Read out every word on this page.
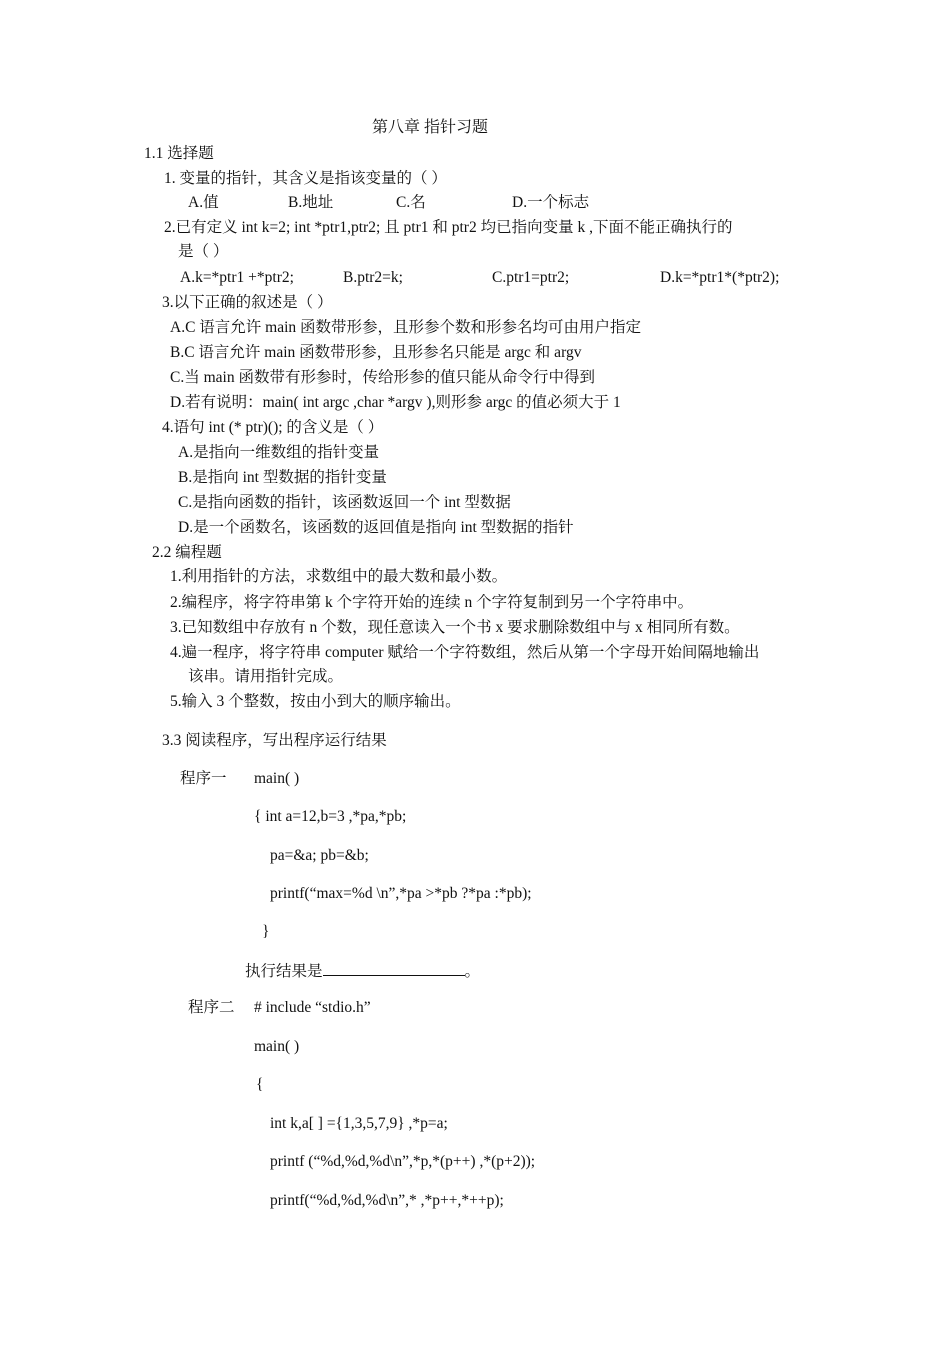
第八章 指针习题
1.1 选择题
1. 变量的指针，其含义是指该变量的（ ）
A.值	B.地址	C.名	D.一个标志
2.已有定义 int k=2; int *ptr1,ptr2; 且 ptr1 和 ptr2 均已指向变量 k ,下面不能正确执行的
是（ ）
A.k=*ptr1 +*ptr2;	B.ptr2=k;	C.ptr1=ptr2;	D.k=*ptr1*(*ptr2);
3.以下正确的叙述是（ ）
A.C 语言允许 main 函数带形参，且形参个数和形参名均可由用户指定
B.C 语言允许 main 函数带形参，且形参名只能是 argc 和 argv
C.当 main 函数带有形参时，传给形参的值只能从命令行中得到
D.若有说明：main( int argc ,char *argv ),则形参 argc 的值必须大于 1
4.语句 int (* ptr)(); 的含义是（ ）
A.是指向一维数组的指针变量
B.是指向 int 型数据的指针变量
C.是指向函数的指针，该函数返回一个 int 型数据
D.是一个函数名，该函数的返回值是指向 int 型数据的指针
2.2 编程题
1.利用指针的方法，求数组中的最大数和最小数。
2.编程序，将字符串第 k 个字符开始的连续 n 个字符复制到另一个字符串中。
3.已知数组中存放有 n 个数，现任意读入一个书 x 要求删除数组中与 x 相同所有数。
4.遍一程序，将字符串 computer 赋给一个字符数组，然后从第一个字母开始间隔地输出
该串。请用指针完成。
5.输入 3 个整数，按由小到大的顺序输出。
3.3 阅读程序，写出程序运行结果
程序一 main( )
{ int a=12,b=3 ,*pa,*pb;
pa=&a; pb=&b;
printf(“max=%d \n”,*pa >*pb ?*pa :*pb);
}
执行结果是	。
程序二 # include “stdio.h”
main( )
{
int k,a[ ] ={1,3,5,7,9} ,*p=a;
printf (“%d,%d,%d\n”,*p,*(p++) ,*(p+2));
printf(“%d,%d,%d\n”,* ,*p++,*++p);
